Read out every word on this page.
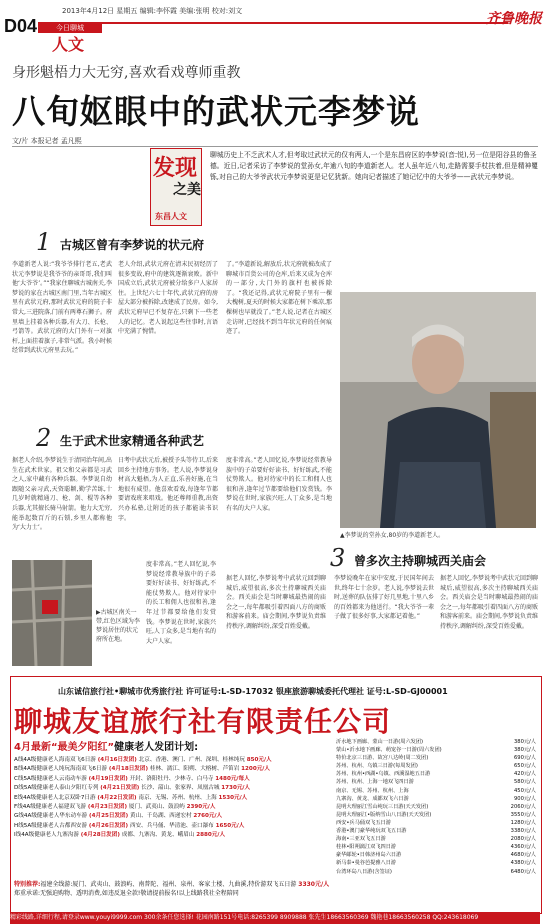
D04
2013年4月12日 星期五 编辑:李怀霞 美编:张明 校对:刘文
今日聊城
人文
齐鲁晚报
身形魁梧力大无穷,喜欢看戏尊师重教
八旬妪眼中的武状元李梦说
文/片 本报记者 孟凡熙
发现
之美
东昌人文
聊城历史上不乏武术人才,但考取过武状元的仅有两人,一个是东昌府区的李梦说(音:悦),另一位是阳谷县的鲁圣德。近日,记者采访了李梦说的堂孙女,年逾八旬的李道新老人。老人虽年近八旬,走路需要手杖扶着,但是精神矍铄,对自己的大爷爷武状元李梦说更是记忆犹新。她向记者描述了她记忆中的大爷爷——武状元李梦说。
1 古城区曾有李梦说的状元府
李道新老人说:“我爷爷排行老五,老武状元李梦说是我爷爷的亲哥哥,我们叫他‘大爷爷’。”“我家住聊城古城南关,李梦说的家在古城区南门里,当年古城区里有武状元府,那时武状元府的院子非常大,三进院落,门前有两尊石狮子。府里墙上挂着各种兵器,有大刀、长枪、弓箭等。武状元府的大门外有一对旗杆,上面挂着旗子,非常气派。我小时候经常到武状元府里去玩。”
老人介绍,武状元府在清末民初经历了很多变故,府中的建筑逐渐衰败。新中国成立后,武状元府被分给多户人家居住。上世纪六七十年代,武状元府的房屋大部分被拆除,改建成了民房。如今,武状元府早已不复存在,只剩下一些老人的记忆。老人说起这些往事时,言语中充满了惋惜。
了。”李道新说,解放后,状元府就被改成了聊城市百货公司的仓库,后来又成为仓库的一部分,大门外的旗杆也被拆除了。“我还记得,武状元府院子里有一棵大槐树,夏天的时候大家都在树下乘凉,那棵树也早就没了。”老人说,记者在古城区走访时,已经找不到当年状元府的任何痕迹了。
2 生于武术世家精通各种武艺
据老人介绍,李梦说生于清同治年间,出生在武术世家。祖父和父亲都是习武之人,家中藏有各种兵器。李梦说自幼跟随父亲习武,天资聪颖,勤学苦练,十几岁时就精通刀、枪、剑、棍等各种兵器,尤其擅长骑马射箭。他力大无穷,能举起数百斤的石锁,乡里人都称他为‘大力士’。
日考中武状元后,被授予头等侍卫,后来回乡主持地方事务。老人说,李梦说身材高大魁梧,为人正直,乐善好施,在当地很有威望。他喜欢看戏,每逢年节都要请戏班来唱戏。他还尊师重教,出资兴办私塾,让附近的孩子都能读书识字。
度非常高。”老人回忆说,李梦说经常教导族中的子弟要好好读书、好好练武,不能仗势欺人。他对待家中的长工和佣人也很和善,逢年过节都要给他们发赏钱。李梦说在世时,家族兴旺,人丁众多,是当地有名的大户人家。
▶古城区南关一带,红色区域为李梦说居住的状元府所在地。
度非常高。”老人回忆说,李梦说经常教导族中的子弟要好好读书、好好练武,不能仗势欺人。他对待家中的长工和佣人也很和善,逢年过节都要给他们发赏钱。李梦说在世时,家族兴旺,人丁众多,是当地有名的大户人家。
▲李梦说的堂孙女,80岁的李道新老人。
3 曾多次主持聊城西关庙会
据老人回忆,李梦说考中武状元回到聊城后,威望很高,多次主持聊城西关庙会。西关庙会是当时聊城最热闹的庙会之一,每年都吸引着四面八方的商贩和游客前来。庙会期间,李梦说负责维持秩序,调解纠纷,深受百姓爱戴。
李梦说晚年在家中安度,于民国年间去世,终年七十余岁。老人说,李梦说去世时,送葬的队伍排了好几里地,十里八乡的百姓都来为他送行。“我大爷爷一辈子做了很多好事,大家都记着他。”
据老人回忆,李梦说考中武状元回到聊城后,威望很高,多次主持聊城西关庙会。西关庙会是当时聊城最热闹的庙会之一,每年都吸引着四面八方的商贩和游客前来。庙会期间,李梦说负责维持秩序,调解纠纷,深受百姓爱戴。
山东诚信旅行社•聊城市优秀旅行社 许可证号:L-SD-17032 银座旅游聊城委托代理社 证号:L-SD-GJ00001
聊城友谊旅行社有限责任公司
4月最新“最美夕阳红”健康老人发团计划:
A线4A级健康老人海南双飞6日游 (4月16日发团) 北京、香港、澳门、广州、深圳、桂林纯玩 850元/人
B线4A级健康老人纯玩海南双飞6日游 (4月18日发团) 桂林、漓江、阳朔、大榕树、芦笛岩 1200元/人
C线5A级健康老人云南动车游 (4月19日发团) 开封、洛阳牡丹、少林寺、白马寺 1480元/每人
D线5A级健康老人泰山夕阳红专列 (4月21日发团) 长沙、韶山、张家界、凤凰古城 1730元/人
E线4A级健康老人北京双卧7日游 (4月22日发团) 南京、无锡、苏州、杭州、上海 1530元/人
F线4A级健康老人福建双飞游 (4月23日发团) 厦门、武夷山、鼓浪屿 2390元/人
G线4A级健康老人华东动车游 (4月25日发团) 黄山、千岛湖、西递宏村 2760元/人
H线5A级健康老人古都西安游 (4月26日发团) 西安、兵马俑、华清池、壶口瀑布 1650元/人
I线4A级健康老人九寨沟游 (4月28日发团) 成都、九寨沟、黄龙、峨眉山 2880元/人
沂水地下画廊、蒙山一日游(周六发团)	380元/人
蒙山•沂水地下画廊、萌宠谷一日游(周六发团)	380元/人
特价北京三日游、故宫八达岭(周二发团)	690元/人
苏州、杭州、乌镇三日游(每周发团)	650元/人
苏州、杭州•西湖•乌镇、西溪湿地五日游	420元/人
苏州、杭州、上海一地双飞四日游	580元/人
南京、无锡、苏州、杭州、上海	450元/人
九寨沟、黄龙、成都双飞六日游	900元/人
昆明大理丽江雪山纯玩三日游(天天发团)	2060元/人
昆明大理丽江•版纳雪山八日游(天天发团)	3550元/人
西安•兵马俑双飞五日游	1280元/人
香港•澳门豪华纯玩双飞五日游	3380元/人
海南•三亚双飞五日游	2080元/人
桂林•阳朔漓江双飞四日游	4360元/人
豪华邮轮•日韩济州岛六日游	4680元/人
新马泰•曼谷芭提雅八日游	4380元/人
台湾环岛八日游(含签证)	6480元/人
特别推荐:福建全线游:厦门、武夷山、鼓浪屿、南普陀、福州、泉州、客家土楼、九曲溪,特价游双飞五日游 3330元/人
郑重承诺:无强迫购物、透明消费,如违反退全款!敬请提前报名!以上线路我社全程陪同
精彩线路,详细行程,请登录www.youyi9999.com 300余条任您选择! 花园南路151号电话:8265399 8909888 张先生18663560369 魏艳巷18663560258 QQ:243618069
